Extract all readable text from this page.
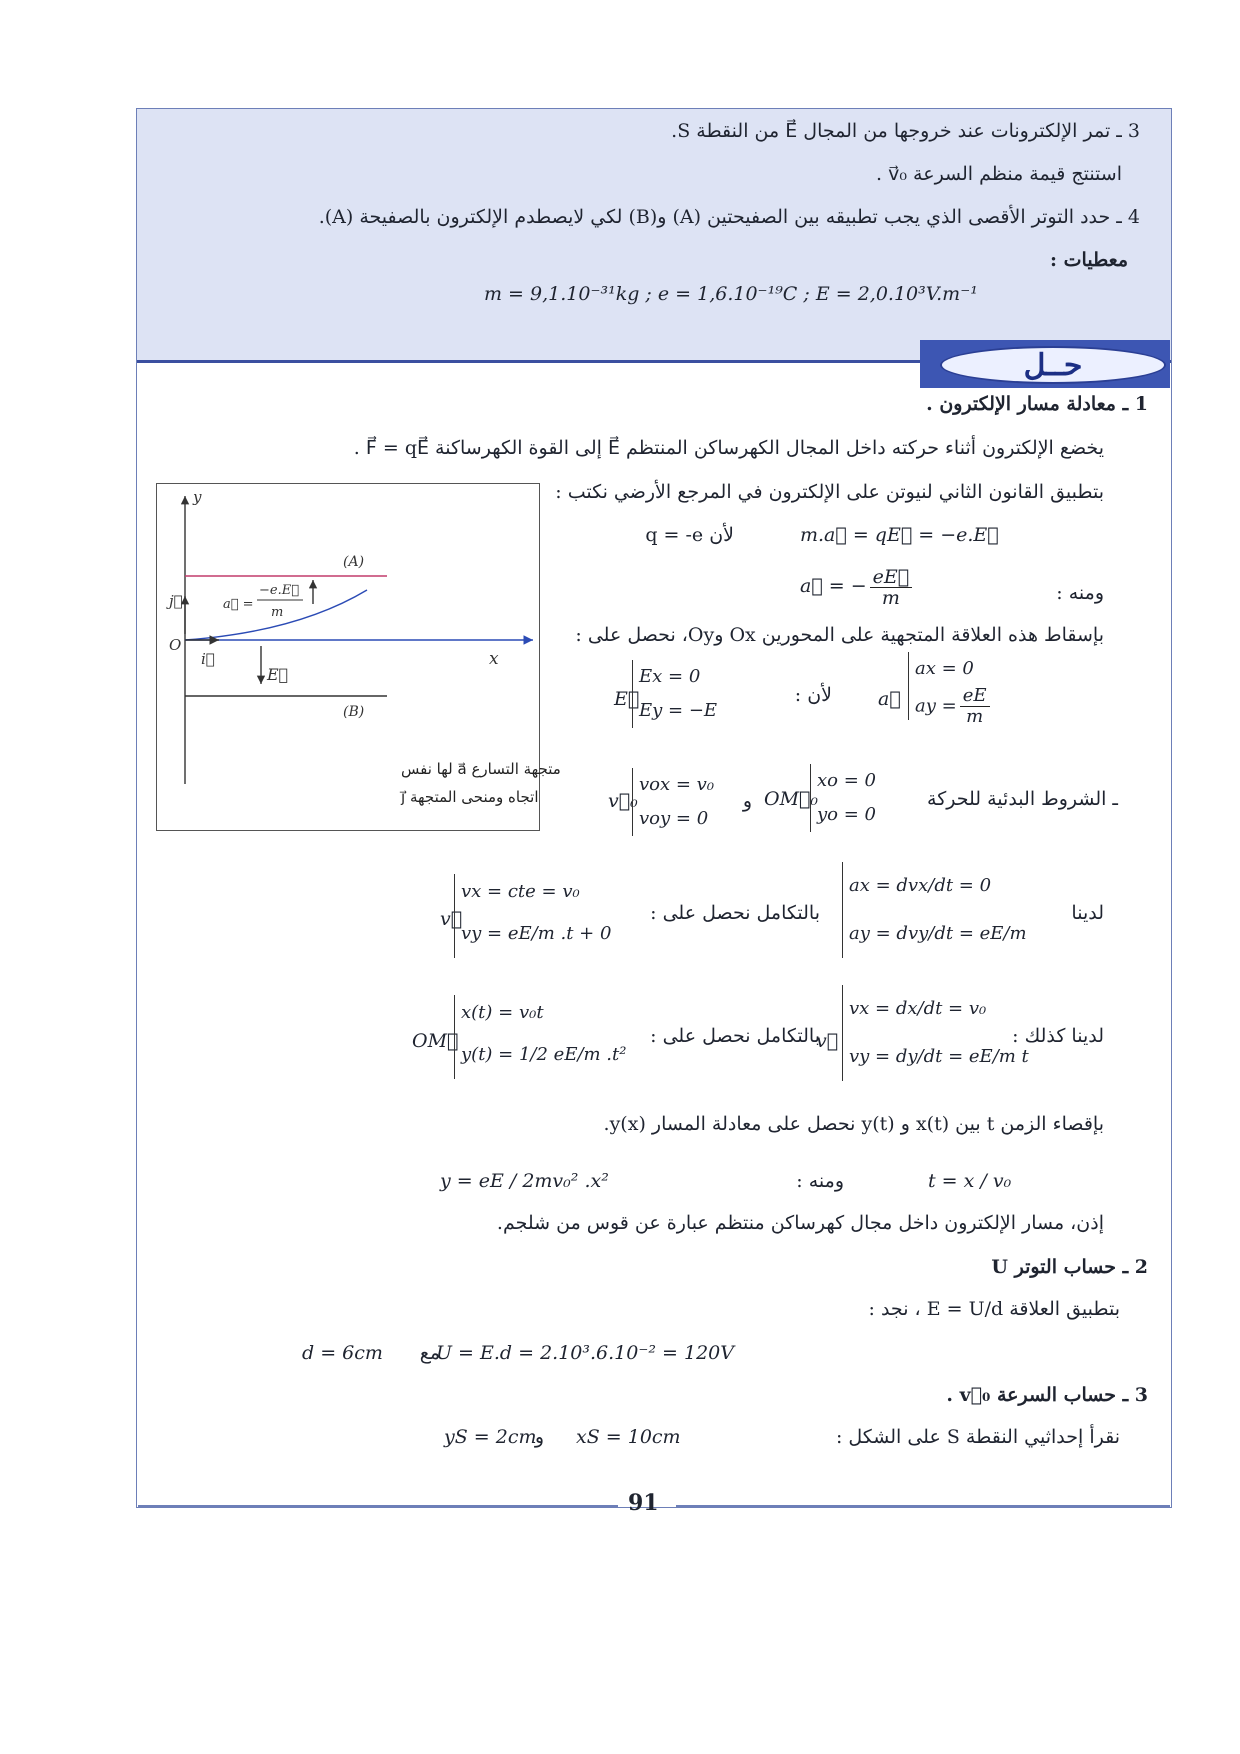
3 ـ تمر الإلكترونات عند خروجها من المجال E⃗ من النقطة S.
استنتج قيمة منظم السرعة v⃗₀ .
4 ـ حدد التوتر الأقصى الذي يجب تطبيقه بين الصفيحتين (A) و(B) لكي لايصطدم الإلكترون بالصفيحة (A).
معطيات :
m = 9,1.10⁻³¹kg ; e = 1,6.10⁻¹⁹C ; E = 2,0.10³V.m⁻¹
حــل
1 ـ معادلة مسار الإلكترون .
يخضع الإلكترون أثناء حركته داخل المجال الكهرساكن المنتظم E⃗ إلى القوة الكهرساكنة F⃗ = qE⃗ .
بتطبيق القانون الثاني لنيوتن على الإلكترون في المرجع الأرضي نكتب :
m.a⃗ = qE⃗ = −e.E⃗
لأن q = -e
ومنه :
a⃗ = − $\frac{eE⃗}{m}$
بإسقاط هذه العلاقة المتجهية على المحورين Ox وOy، نحصل على :
a⃗
ax = 0
ay = $\frac{eE}{m}$
لأن :
E⃗
Ex = 0
Ey = −E
ـ الشروط البدئية للحركة
OM⃗₀
xo = 0
yo = 0
و
v⃗₀
vox = v₀
voy = 0
لدينا
ax = dvx/dt = 0
ay = dvy/dt = eE/m
بالتكامل نحصل على :
v⃗
vx = cte = v₀
vy = eE/m .t + 0
لدينا كذلك :
vx = dx/dt = v₀
vy = dy/dt = eE/m t
بالتكامل نحصل على :
v⃗
OM⃗
x(t) = v₀t
y(t) = 1/2 eE/m .t²
بإقصاء الزمن t بين x(t) و y(t) نحصل على معادلة المسار y(x).
ومنه :	t = x / v₀
y = eE / 2mv₀² .x²
إذن، مسار الإلكترون داخل مجال كهرساكن منتظم عبارة عن قوس من شلجم.
2 ـ حساب التوتر U
بتطبيق العلاقة E = U/d ، نجد :
U = E.d = 2.10³.6.10⁻² = 120V
مع
d = 6cm
3 ـ حساب السرعة v⃗₀ .
نقرأ إحداثيي النقطة S على الشكل :
xS = 10cm
و
yS = 2cm
y
x
O
i⃗
j⃗
(A)
(B)
E⃗
a⃗ =
−e.E⃗
m
متجهة التسارع a⃗ لها نفس
اتجاه ومنحى المتجهة j⃗
91
